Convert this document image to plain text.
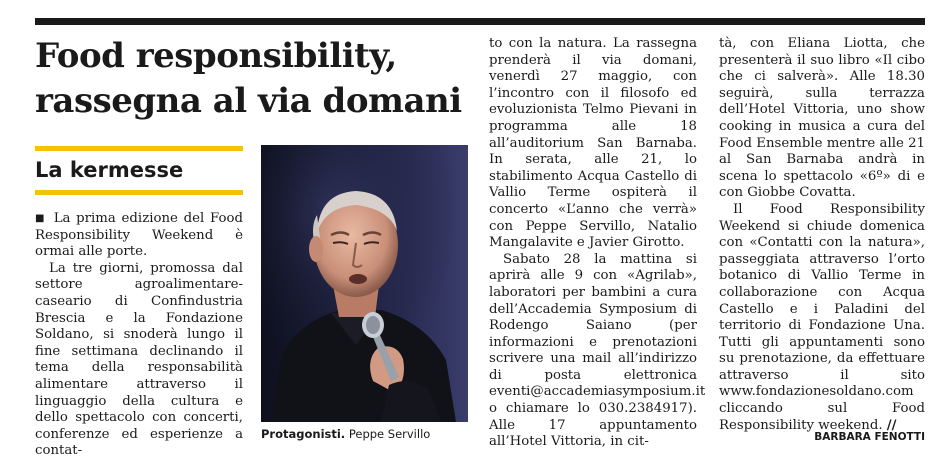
Food responsibility,
rassegna al via domani
La kermesse

■ La prima edizione del Food Responsibility Weekend è ormai alle porte.

La tre giorni, promossa dal settore agroalimentare-caseario di Confindustria Brescia e la Fondazione Soldano, si snoderà lungo il fine settimana declinando il tema della responsabilità alimentare attraverso il linguaggio della cultura e dello spettacolo con concerti, conferenze ed esperienze a contat-

Protagonisti. Peppe Servillo

to con la natura. La rassegna prenderà il via domani, venerdì 27 maggio, con l’incontro con il filosofo ed evoluzionista Telmo Pievani in programma alle 18 all’auditorium San Barnaba. In serata, alle 21, lo stabilimento Acqua Castello di Vallio Terme ospiterà il concerto «L’anno che verrà» con Peppe Servillo, Natalio Mangalavite e Javier Girotto.

Sabato 28 la mattina si aprirà alle 9 con «Agrilab», laboratori per bambini a cura dell’Accademia Symposium di Rodengo Saiano (per informazioni e prenotazioni scrivere una mail all’indirizzo di posta elettronica eventi@accademiasymposium.it o chiamare lo 030.2384917). Alle 17 appuntamento all’Hotel Vittoria, in cit-

tà, con Eliana Liotta, che presenterà il suo libro «Il cibo che ci salverà». Alle 18.30 seguirà, sulla terrazza dell’Hotel Vittoria, uno show cooking in musica a cura del Food Ensemble mentre alle 21 al San Barnaba andrà in scena lo spettacolo «6º» di e con Giobbe Covatta.

Il Food Responsibility Weekend si chiude domenica con «Contatti con la natura», passeggiata attraverso l’orto botanico di Vallio Terme in collaborazione con Acqua Castello e i Paladini del territorio di Fondazione Una. Tutti gli appuntamenti sono su prenotazione, da effettuare attraverso il sito www.fondazionesoldano.com cliccando sul Food Responsibility weekend. //

BARBARA FENOTTI
